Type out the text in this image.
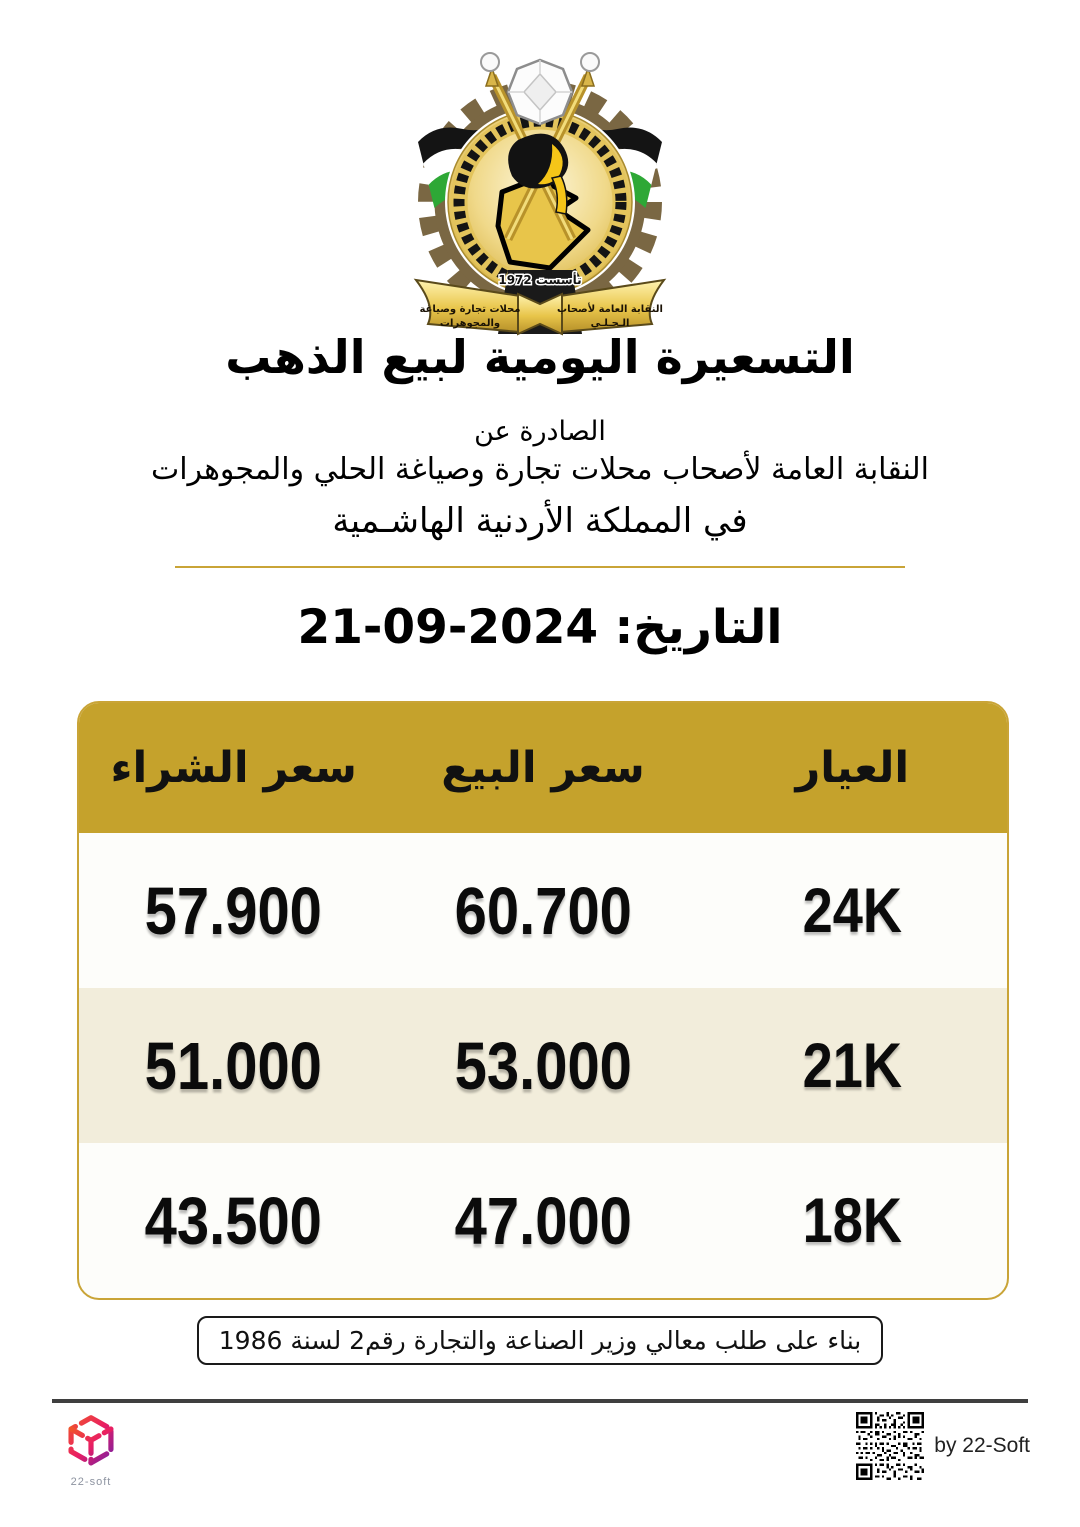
تأسست 1972
محلات تجارة وصياغة
والمجوهرات
النقابة العامة لأصحاب
الـحـلـي
التسعيرة اليومية لبيع الذهب
الصادرة عن
النقابة العامة لأصحاب محلات تجارة وصياغة الحلي والمجوهرات
في المملكة الأردنية الهاشـمية
التاريخ: 21-09-2024
العيار
سعر البيع
سعر الشراء
24K
60.700
57.900
21K
53.000
51.000
18K
47.000
43.500
بناء على طلب معالي وزير الصناعة والتجارة رقم2 لسنة 1986
22-soft
by 22-Soft
